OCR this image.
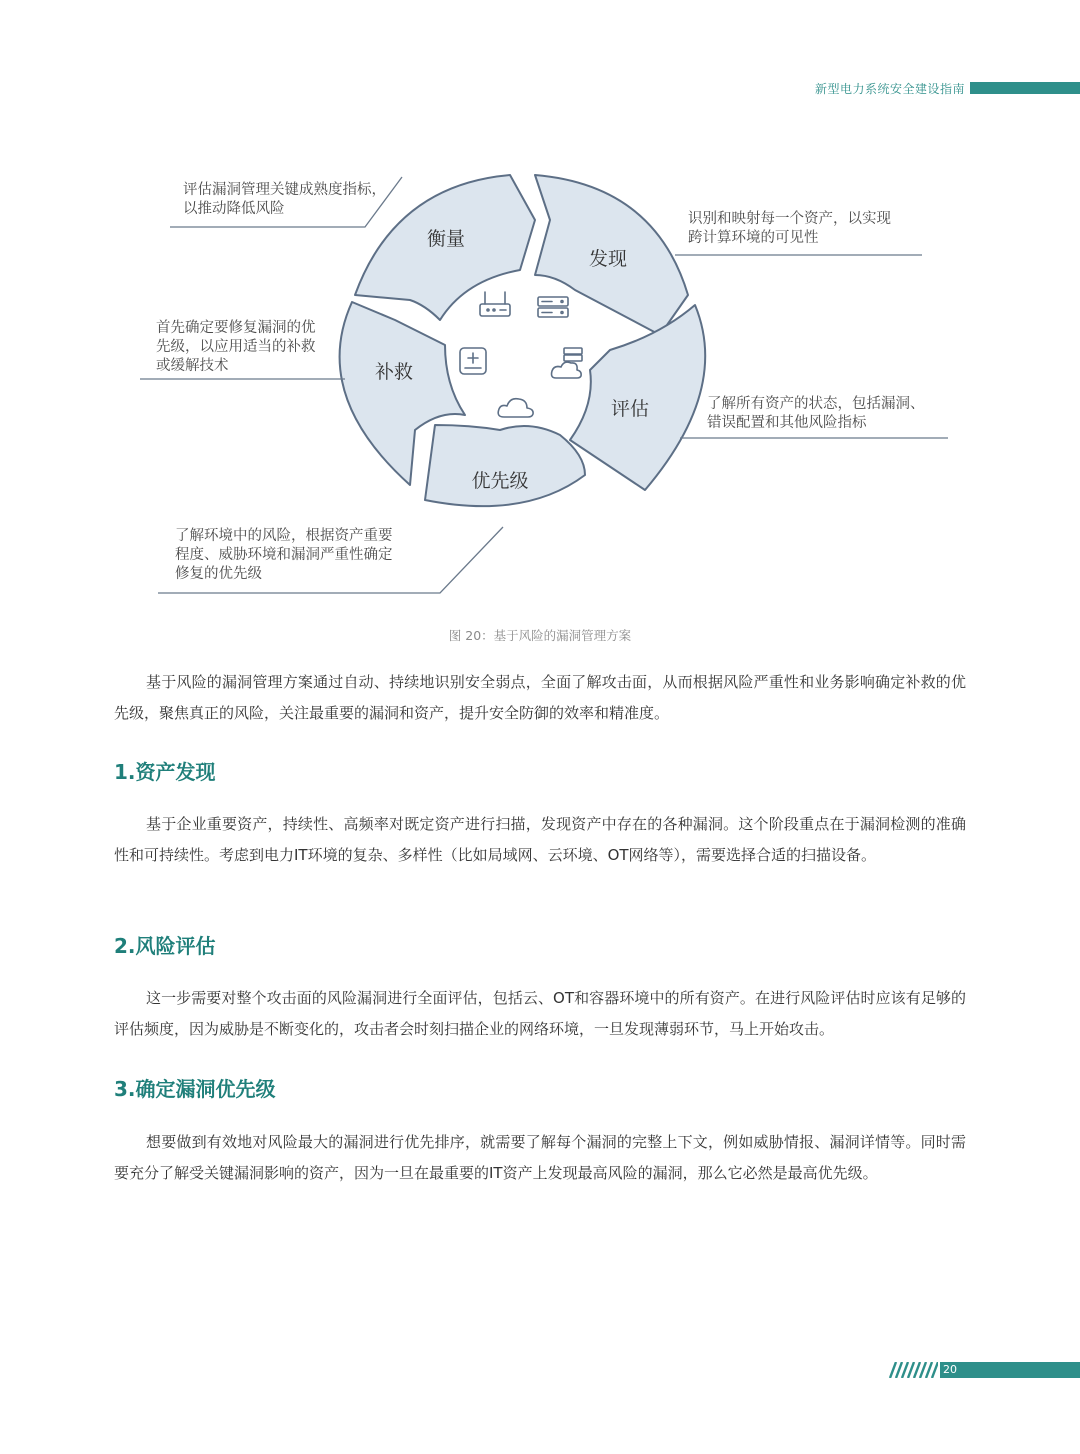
新型电力系统安全建设指南
衡量
发现
评估
优先级
补救
评估漏洞管理关键成熟度指标，
以推动降低风险
识别和映射每一个资产，以实现
跨计算环境的可见性
首先确定要修复漏洞的优
先级，以应用适当的补救
或缓解技术
了解所有资产的状态，包括漏洞、
错误配置和其他风险指标
了解环境中的风险，根据资产重要
程度、威胁环境和漏洞严重性确定
修复的优先级
图 20：基于风险的漏洞管理方案

基于风险的漏洞管理方案通过自动、持续地识别安全弱点，全面了解攻击面，从而根据风险严重性和业务影响确定补救的优先级，聚焦真正的风险，关注最重要的漏洞和资产，提升安全防御的效率和精准度。

1.资产发现

基于企业重要资产，持续性、高频率对既定资产进行扫描，发现资产中存在的各种漏洞。这个阶段重点在于漏洞检测的准确性和可持续性。考虑到电力IT环境的复杂、多样性（比如局域网、云环境、OT网络等），需要选择合适的扫描设备。

2.风险评估

这一步需要对整个攻击面的风险漏洞进行全面评估，包括云、OT和容器环境中的所有资产。在进行风险评估时应该有足够的评估频度，因为威胁是不断变化的，攻击者会时刻扫描企业的网络环境，一旦发现薄弱环节，马上开始攻击。

3.确定漏洞优先级

想要做到有效地对风险最大的漏洞进行优先排序，就需要了解每个漏洞的完整上下文，例如威胁情报、漏洞详情等。同时需要充分了解受关键漏洞影响的资产，因为一旦在最重要的IT资产上发现最高风险的漏洞，那么它必然是最高优先级。

20
